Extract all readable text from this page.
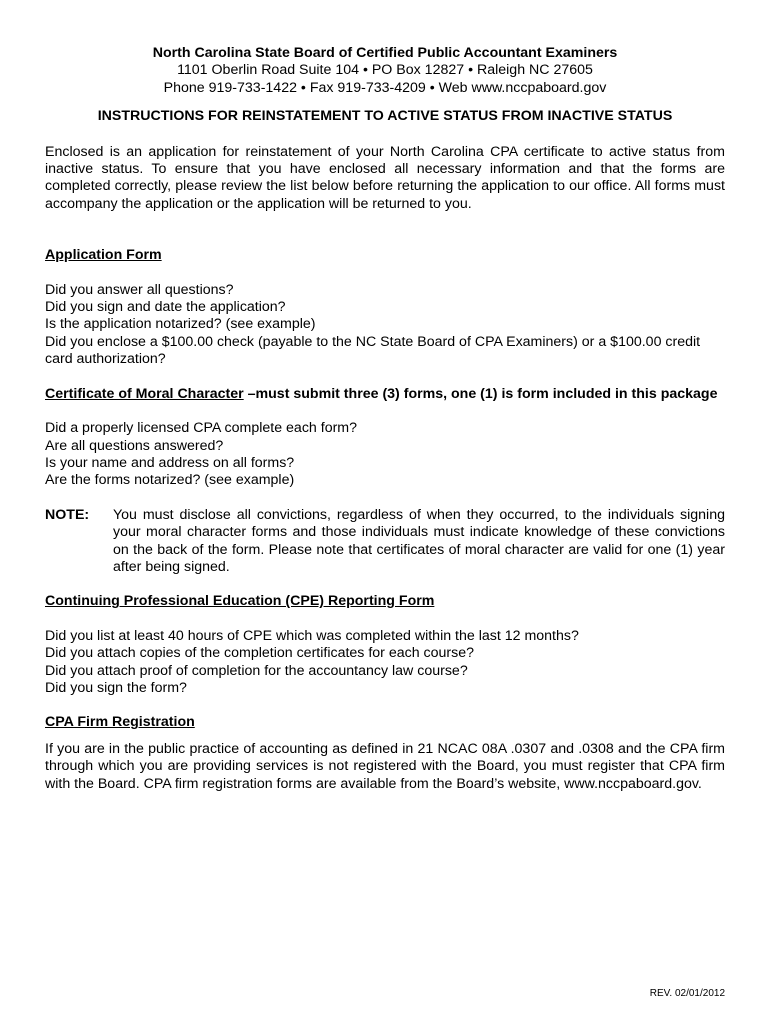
North Carolina State Board of Certified Public Accountant Examiners

1101 Oberlin Road Suite 104 • PO Box 12827 • Raleigh NC 27605

Phone 919-733-1422 • Fax 919-733-4209 • Web www.nccpaboard.gov

INSTRUCTIONS FOR REINSTATEMENT TO ACTIVE STATUS FROM INACTIVE STATUS

Enclosed is an application for reinstatement of your North Carolina CPA certificate to active status from inactive status. To ensure that you have enclosed all necessary information and that the forms are completed correctly, please review the list below before returning the application to our office. All forms must accompany the application or the application will be returned to you.

Application Form

Did you answer all questions?
Did you sign and date the application?
Is the application notarized? (see example)
Did you enclose a $100.00 check (payable to the NC State Board of CPA Examiners) or a $100.00 credit card authorization?

Certificate of Moral Character –must submit three (3) forms, one (1) is form included in this package

Did a properly licensed CPA complete each form?
Are all questions answered?
Is your name and address on all forms?
Are the forms notarized? (see example)
NOTE:	You must disclose all convictions, regardless of when they occurred, to the individuals signing your moral character forms and those individuals must indicate knowledge of these convictions on the back of the form. Please note that certificates of moral character are valid for one (1) year after being signed.

Continuing Professional Education (CPE) Reporting Form

Did you list at least 40 hours of CPE which was completed within the last 12 months?
Did you attach copies of the completion certificates for each course?
Did you attach proof of completion for the accountancy law course?
Did you sign the form?

CPA Firm Registration

If you are in the public practice of accounting as defined in 21 NCAC 08A .0307 and .0308 and the CPA firm through which you are providing services is not registered with the Board, you must register that CPA firm with the Board. CPA firm registration forms are available from the Board’s website, www.nccpaboard.gov.

REV. 02/01/2012
